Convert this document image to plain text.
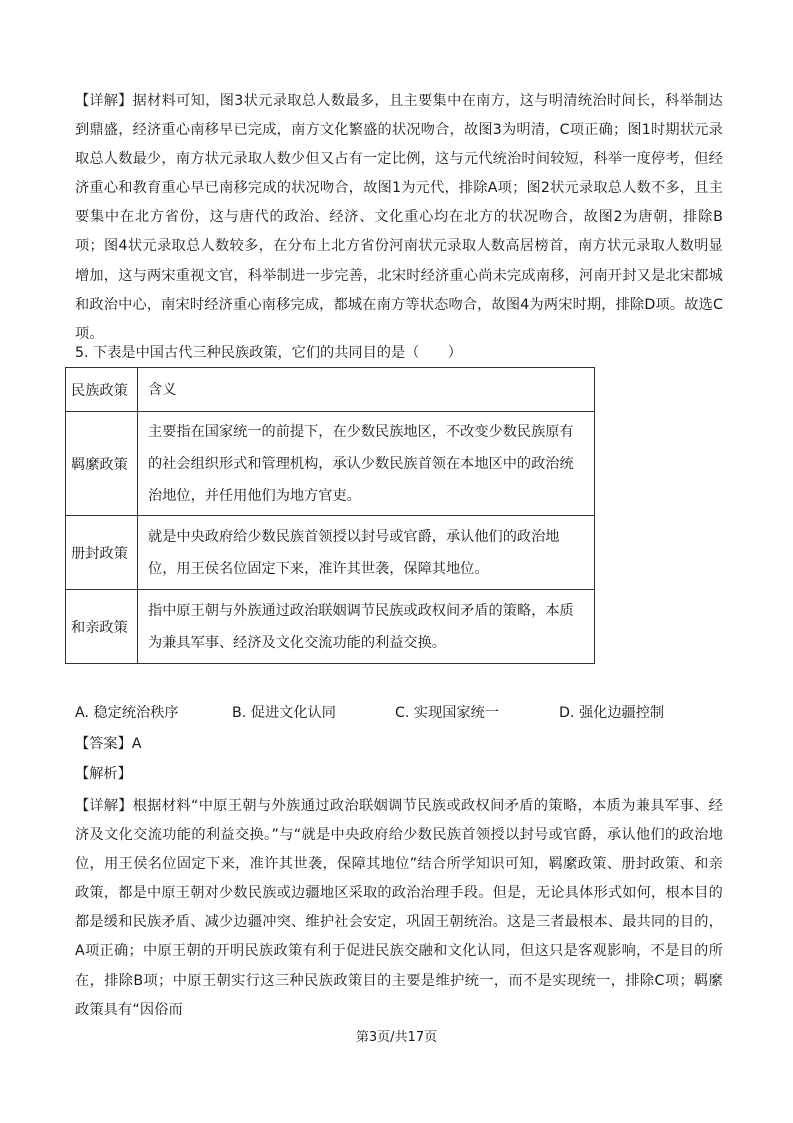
【详解】据材料可知，图3状元录取总人数最多，且主要集中在南方，这与明清统治时间长，科举制达到鼎盛，经济重心南移早已完成，南方文化繁盛的状况吻合，故图3为明清，C项正确；图1时期状元录取总人数最少，南方状元录取人数少但又占有一定比例，这与元代统治时间较短，科举一度停考，但经济重心和教育重心早已南移完成的状况吻合，故图1为元代，排除A项；图2状元录取总人数不多，且主要集中在北方省份，这与唐代的政治、经济、文化重心均在北方的状况吻合，故图2为唐朝，排除B项；图4状元录取总人数较多，在分布上北方省份河南状元录取人数高居榜首，南方状元录取人数明显增加，这与两宋重视文官，科举制进一步完善，北宋时经济重心尚未完成南移，河南开封又是北宋都城和政治中心，南宋时经济重心南移完成，都城在南方等状态吻合，故图4为两宋时期，排除D项。故选C项。

5. 下表是中国古代三种民族政策，它们的共同目的是（　　）

民族政策	含义
羁縻政策	主要指在国家统一的前提下，在少数民族地区，不改变少数民族原有的社会组织形式和管理机构，承认少数民族首领在本地区中的政治统治地位，并任用他们为地方官吏。
册封政策	就是中央政府给少数民族首领授以封号或官爵，承认他们的政治地位，用王侯名位固定下来，准许其世袭，保障其地位。
和亲政策	指中原王朝与外族通过政治联姻调节民族或政权间矛盾的策略，本质为兼具军事、经济及文化交流功能的利益交换。
A. 稳定统治秩序	B. 促进文化认同	C. 实现国家统一	D. 强化边疆控制

【答案】A

【解析】

【详解】根据材料“中原王朝与外族通过政治联姻调节民族或政权间矛盾的策略，本质为兼具军事、经济及文化交流功能的利益交换。”与“就是中央政府给少数民族首领授以封号或官爵，承认他们的政治地位，用王侯名位固定下来，准许其世袭，保障其地位”结合所学知识可知，羁縻政策、册封政策、和亲政策，都是中原王朝对少数民族或边疆地区采取的政治治理手段。但是，无论具体形式如何，根本目的都是缓和民族矛盾、减少边疆冲突、维护社会安定，巩固王朝统治。这是三者最根本、最共同的目的，A项正确；中原王朝的开明民族政策有利于促进民族交融和文化认同，但这只是客观影响，不是目的所在，排除B项；中原王朝实行这三种民族政策目的主要是维护统一，而不是实现统一，排除C项；羁縻政策具有“因俗而

第3页/共17页
